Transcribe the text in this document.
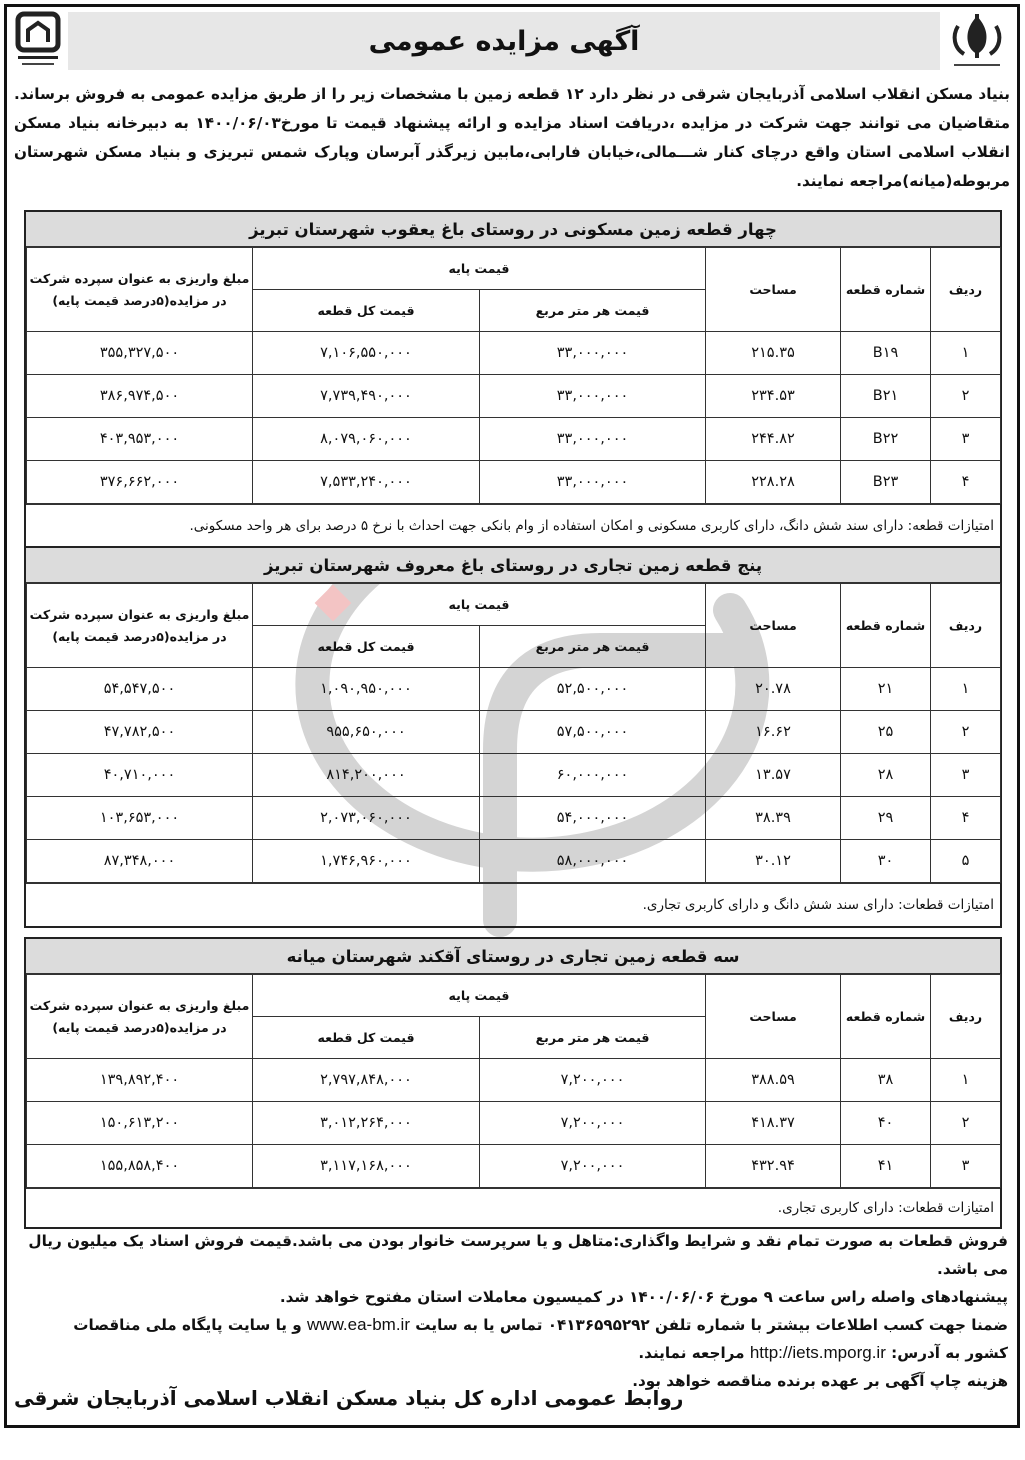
آگهی مزایده عمومی
بنیاد مسکن انقلاب اسلامی آذربایجان شرقی در نظر دارد ۱۲ قطعه زمین با مشخصات زیر را از طریق مزایده عمومی به فروش برساند. متقاضیان می توانند جهت شرکت در مزایده ،دریافت اسناد مزایده و ارائه پیشنهاد قیمت تا مورخ۱۴۰۰/۰۶/۰۳ به دبیرخانه بنیاد مسکن انقلاب اسلامی استان واقع درچای کنار شـــمالی،خیابان فارابی،مابین زیرگذر آبرسان وپارک شمس تبریزی و بنیاد مسکن شهرستان مربوطه(میانه)مراجعه نمایند.
چهار قطعه زمین مسکونی در روستای باغ یعقوب شهرستان تبریز
ردیف	شماره قطعه	مساحت	قیمت پایه		مبلغ واریزی به عنوان سپرده شرکت در مزایده(۵درصد قیمت پایه)
			قیمت هر متر مربع	قیمت کل قطعه	
۱	B۱۹	۲۱۵.۳۵	۳۳,۰۰۰,۰۰۰	۷,۱۰۶,۵۵۰,۰۰۰	۳۵۵,۳۲۷,۵۰۰
۲	B۲۱	۲۳۴.۵۳	۳۳,۰۰۰,۰۰۰	۷,۷۳۹,۴۹۰,۰۰۰	۳۸۶,۹۷۴,۵۰۰
۳	B۲۲	۲۴۴.۸۲	۳۳,۰۰۰,۰۰۰	۸,۰۷۹,۰۶۰,۰۰۰	۴۰۳,۹۵۳,۰۰۰
۴	B۲۳	۲۲۸.۲۸	۳۳,۰۰۰,۰۰۰	۷,۵۳۳,۲۴۰,۰۰۰	۳۷۶,۶۶۲,۰۰۰
امتیازات قطعه: دارای سند شش دانگ، دارای کاربری مسکونی و امکان استفاده از وام بانکی جهت احداث با نرخ ۵ درصد برای هر واحد مسکونی.
پنج قطعه زمین تجاری در روستای باغ معروف شهرستان تبریز
ردیف	شماره قطعه	مساحت	قیمت پایه		مبلغ واریزی به عنوان سپرده شرکت در مزایده(۵درصد قیمت پایه)
			قیمت هر متر مربع	قیمت کل قطعه	
۱	۲۱	۲۰.۷۸	۵۲,۵۰۰,۰۰۰	۱,۰۹۰,۹۵۰,۰۰۰	۵۴,۵۴۷,۵۰۰
۲	۲۵	۱۶.۶۲	۵۷,۵۰۰,۰۰۰	۹۵۵,۶۵۰,۰۰۰	۴۷,۷۸۲,۵۰۰
۳	۲۸	۱۳.۵۷	۶۰,۰۰۰,۰۰۰	۸۱۴,۲۰۰,۰۰۰	۴۰,۷۱۰,۰۰۰
۴	۲۹	۳۸.۳۹	۵۴,۰۰۰,۰۰۰	۲,۰۷۳,۰۶۰,۰۰۰	۱۰۳,۶۵۳,۰۰۰
۵	۳۰	۳۰.۱۲	۵۸,۰۰۰,۰۰۰	۱,۷۴۶,۹۶۰,۰۰۰	۸۷,۳۴۸,۰۰۰
امتیازات قطعات: دارای سند شش دانگ و دارای کاربری تجاری.
سه قطعه زمین تجاری در روستای آقکند شهرستان میانه
ردیف	شماره قطعه	مساحت	قیمت پایه		مبلغ واریزی به عنوان سپرده شرکت در مزایده(۵درصد قیمت پایه)
			قیمت هر متر مربع	قیمت کل قطعه	
۱	۳۸	۳۸۸.۵۹	۷,۲۰۰,۰۰۰	۲,۷۹۷,۸۴۸,۰۰۰	۱۳۹,۸۹۲,۴۰۰
۲	۴۰	۴۱۸.۳۷	۷,۲۰۰,۰۰۰	۳,۰۱۲,۲۶۴,۰۰۰	۱۵۰,۶۱۳,۲۰۰
۳	۴۱	۴۳۲.۹۴	۷,۲۰۰,۰۰۰	۳,۱۱۷,۱۶۸,۰۰۰	۱۵۵,۸۵۸,۴۰۰
امتیازات قطعات: دارای کاربری تجاری.

فروش قطعات به صورت تمام نقد و شرایط واگذاری:متاهل و یا سرپرست خانوار بودن می باشد.قیمت فروش اسناد یک میلیون ریال می باشد.

پیشنهادهای واصله راس ساعت ۹ مورخ ۱۴۰۰/۰۶/۰۶ در کمیسیون معاملات استان مفتوح خواهد شد.

ضمنا جهت کسب اطلاعات بیشتر با شماره تلفن ۰۴۱۳۶۵۹۵۲۹۲ تماس یا به سایت www.ea-bm.ir و یا سایت پایگاه ملی مناقصات

کشور به آدرس: http://iets.mporg.ir مراجعه نمایند.

هزینه چاپ آگهی بر عهده برنده مناقصه خواهد بود.

روابط عمومی اداره کل بنیاد مسکن انقلاب اسلامی آذربایجان شرقی
